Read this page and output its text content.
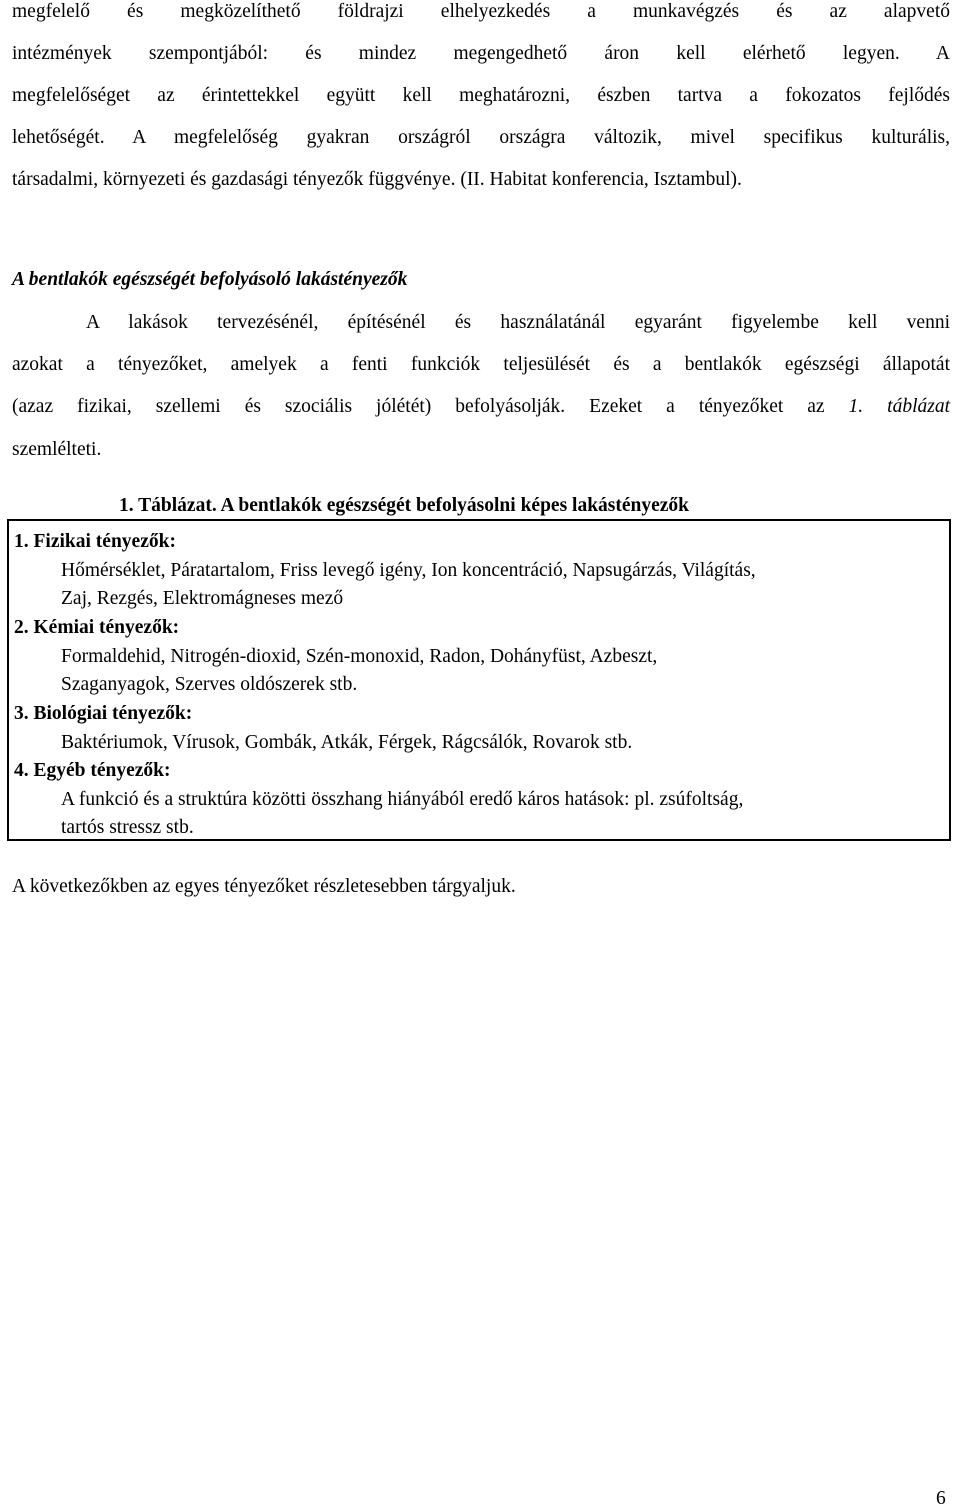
megfelelő és megközelíthető földrajzi elhelyezkedés a munkavégzés és az alapvető
intézmények szempontjából: és mindez megengedhető áron kell elérhető legyen. A
megfelelőséget az érintettekkel együtt kell meghatározni, észben tartva a fokozatos fejlődés
lehetőségét. A megfelelőség gyakran országról országra változik, mivel specifikus kulturális,
társadalmi, környezeti és gazdasági tényezők függvénye. (II. Habitat konferencia, Isztambul).
A bentlakók egészségét befolyásoló lakástényezők
A lakások tervezésénél, építésénél és használatánál egyaránt figyelembe kell venni
azokat a tényezőket, amelyek a fenti funkciók teljesülését és a bentlakók egészségi állapotát
(azaz fizikai, szellemi és szociális jólétét) befolyásolják. Ezeket a tényezőket az 1. táblázat
szemlélteti.
1. Táblázat. A bentlakók egészségét befolyásolni képes lakástényezők
1. Fizikai tényezők:
Hőmérséklet, Páratartalom, Friss levegő igény, Ion koncentráció, Napsugárzás, Világítás,
Zaj, Rezgés, Elektromágneses mező
2. Kémiai tényezők:
Formaldehid, Nitrogén-dioxid, Szén-monoxid, Radon, Dohányfüst, Azbeszt,
Szaganyagok, Szerves oldószerek stb.
3. Biológiai tényezők:
Baktériumok, Vírusok, Gombák, Atkák, Férgek, Rágcsálók, Rovarok stb.
4. Egyéb tényezők:
A funkció és a struktúra közötti összhang hiányából eredő káros hatások: pl. zsúfoltság,
tartós stressz stb.
A következőkben az egyes tényezőket részletesebben tárgyaljuk.
6
